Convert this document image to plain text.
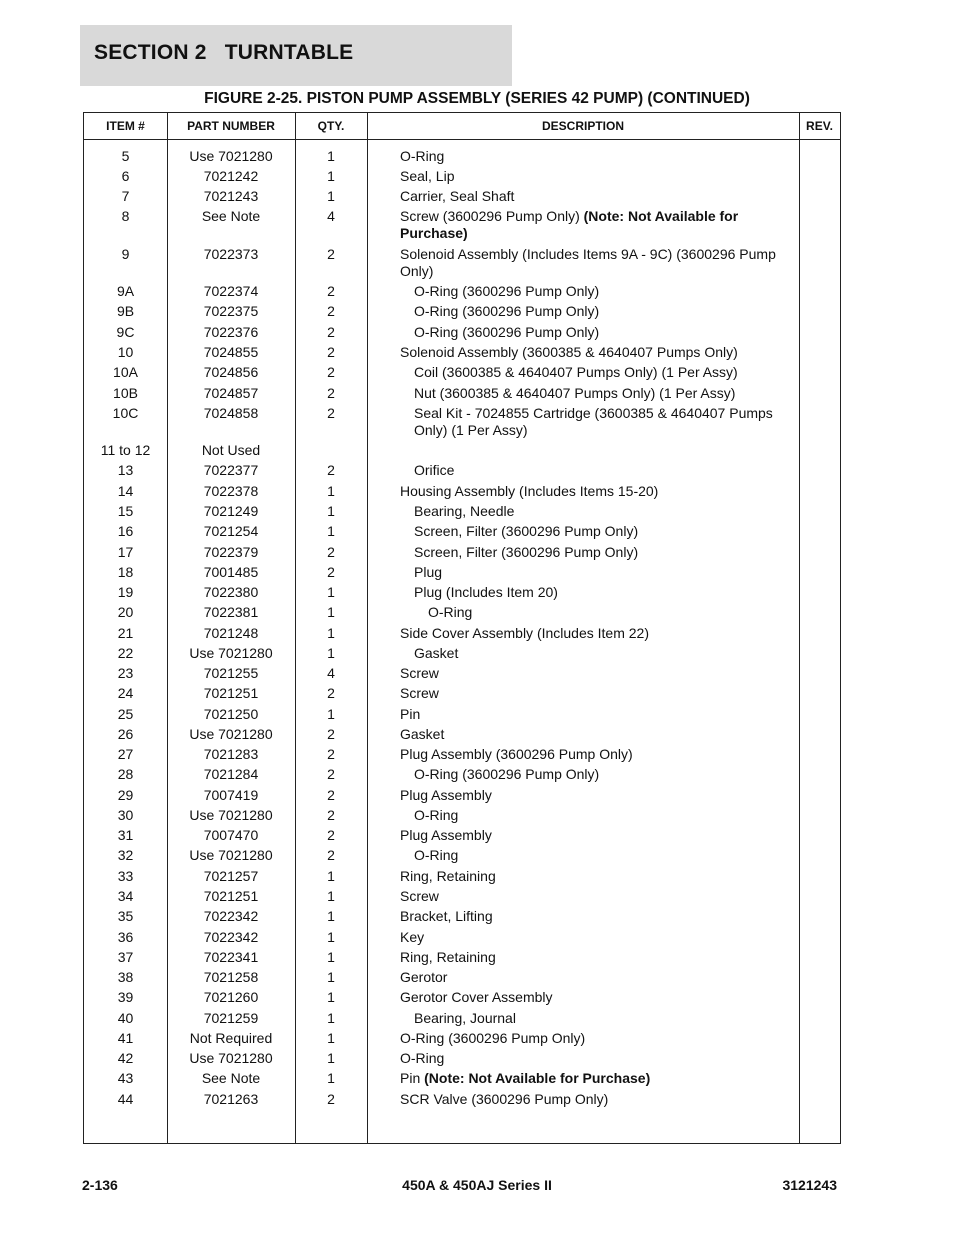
SECTION 2   TURNTABLE
FIGURE 2-25. PISTON PUMP ASSEMBLY (SERIES 42 PUMP) (CONTINUED)
ITEM #	PART NUMBER	QTY.	DESCRIPTION	REV.
5	Use 7021280	1	O-Ring
6	7021242	1	Seal, Lip
7	7021243	1	Carrier, Seal Shaft
8	See Note	4	Screw (3600296 Pump Only) (Note: Not Available for Purchase)
9	7022373	2	Solenoid Assembly (Includes Items 9A - 9C) (3600296 Pump Only)
9A	7022374	2	O-Ring (3600296 Pump Only)
9B	7022375	2	O-Ring (3600296 Pump Only)
9C	7022376	2	O-Ring (3600296 Pump Only)
10	7024855	2	Solenoid Assembly (3600385 & 4640407 Pumps Only)
10A	7024856	2	Coil (3600385 & 4640407 Pumps Only) (1 Per Assy)
10B	7024857	2	Nut (3600385 & 4640407 Pumps Only) (1 Per Assy)
10C	7024858	2	Seal Kit - 7024855 Cartridge (3600385 & 4640407 Pumps Only) (1 Per Assy)
11 to 12	Not Used
13	7022377	2	Orifice
14	7022378	1	Housing Assembly (Includes Items 15-20)
15	7021249	1	Bearing, Needle
16	7021254	1	Screen, Filter (3600296 Pump Only)
17	7022379	2	Screen, Filter (3600296 Pump Only)
18	7001485	2	Plug
19	7022380	1	Plug (Includes Item 20)
20	7022381	1	O-Ring
21	7021248	1	Side Cover Assembly (Includes Item 22)
22	Use 7021280	1	Gasket
23	7021255	4	Screw
24	7021251	2	Screw
25	7021250	1	Pin
26	Use 7021280	2	Gasket
27	7021283	2	Plug Assembly (3600296 Pump Only)
28	7021284	2	O-Ring (3600296 Pump Only)
29	7007419	2	Plug Assembly
30	Use 7021280	2	O-Ring
31	7007470	2	Plug Assembly
32	Use 7021280	2	O-Ring
33	7021257	1	Ring, Retaining
34	7021251	1	Screw
35	7022342	1	Bracket, Lifting
36	7022342	1	Key
37	7022341	1	Ring, Retaining
38	7021258	1	Gerotor
39	7021260	1	Gerotor Cover Assembly
40	7021259	1	Bearing, Journal
41	Not Required	1	O-Ring (3600296 Pump Only)
42	Use 7021280	1	O-Ring
43	See Note	1	Pin (Note: Not Available for Purchase)
44	7021263	2	SCR Valve (3600296 Pump Only)
2-136	450A & 450AJ Series II	3121243
